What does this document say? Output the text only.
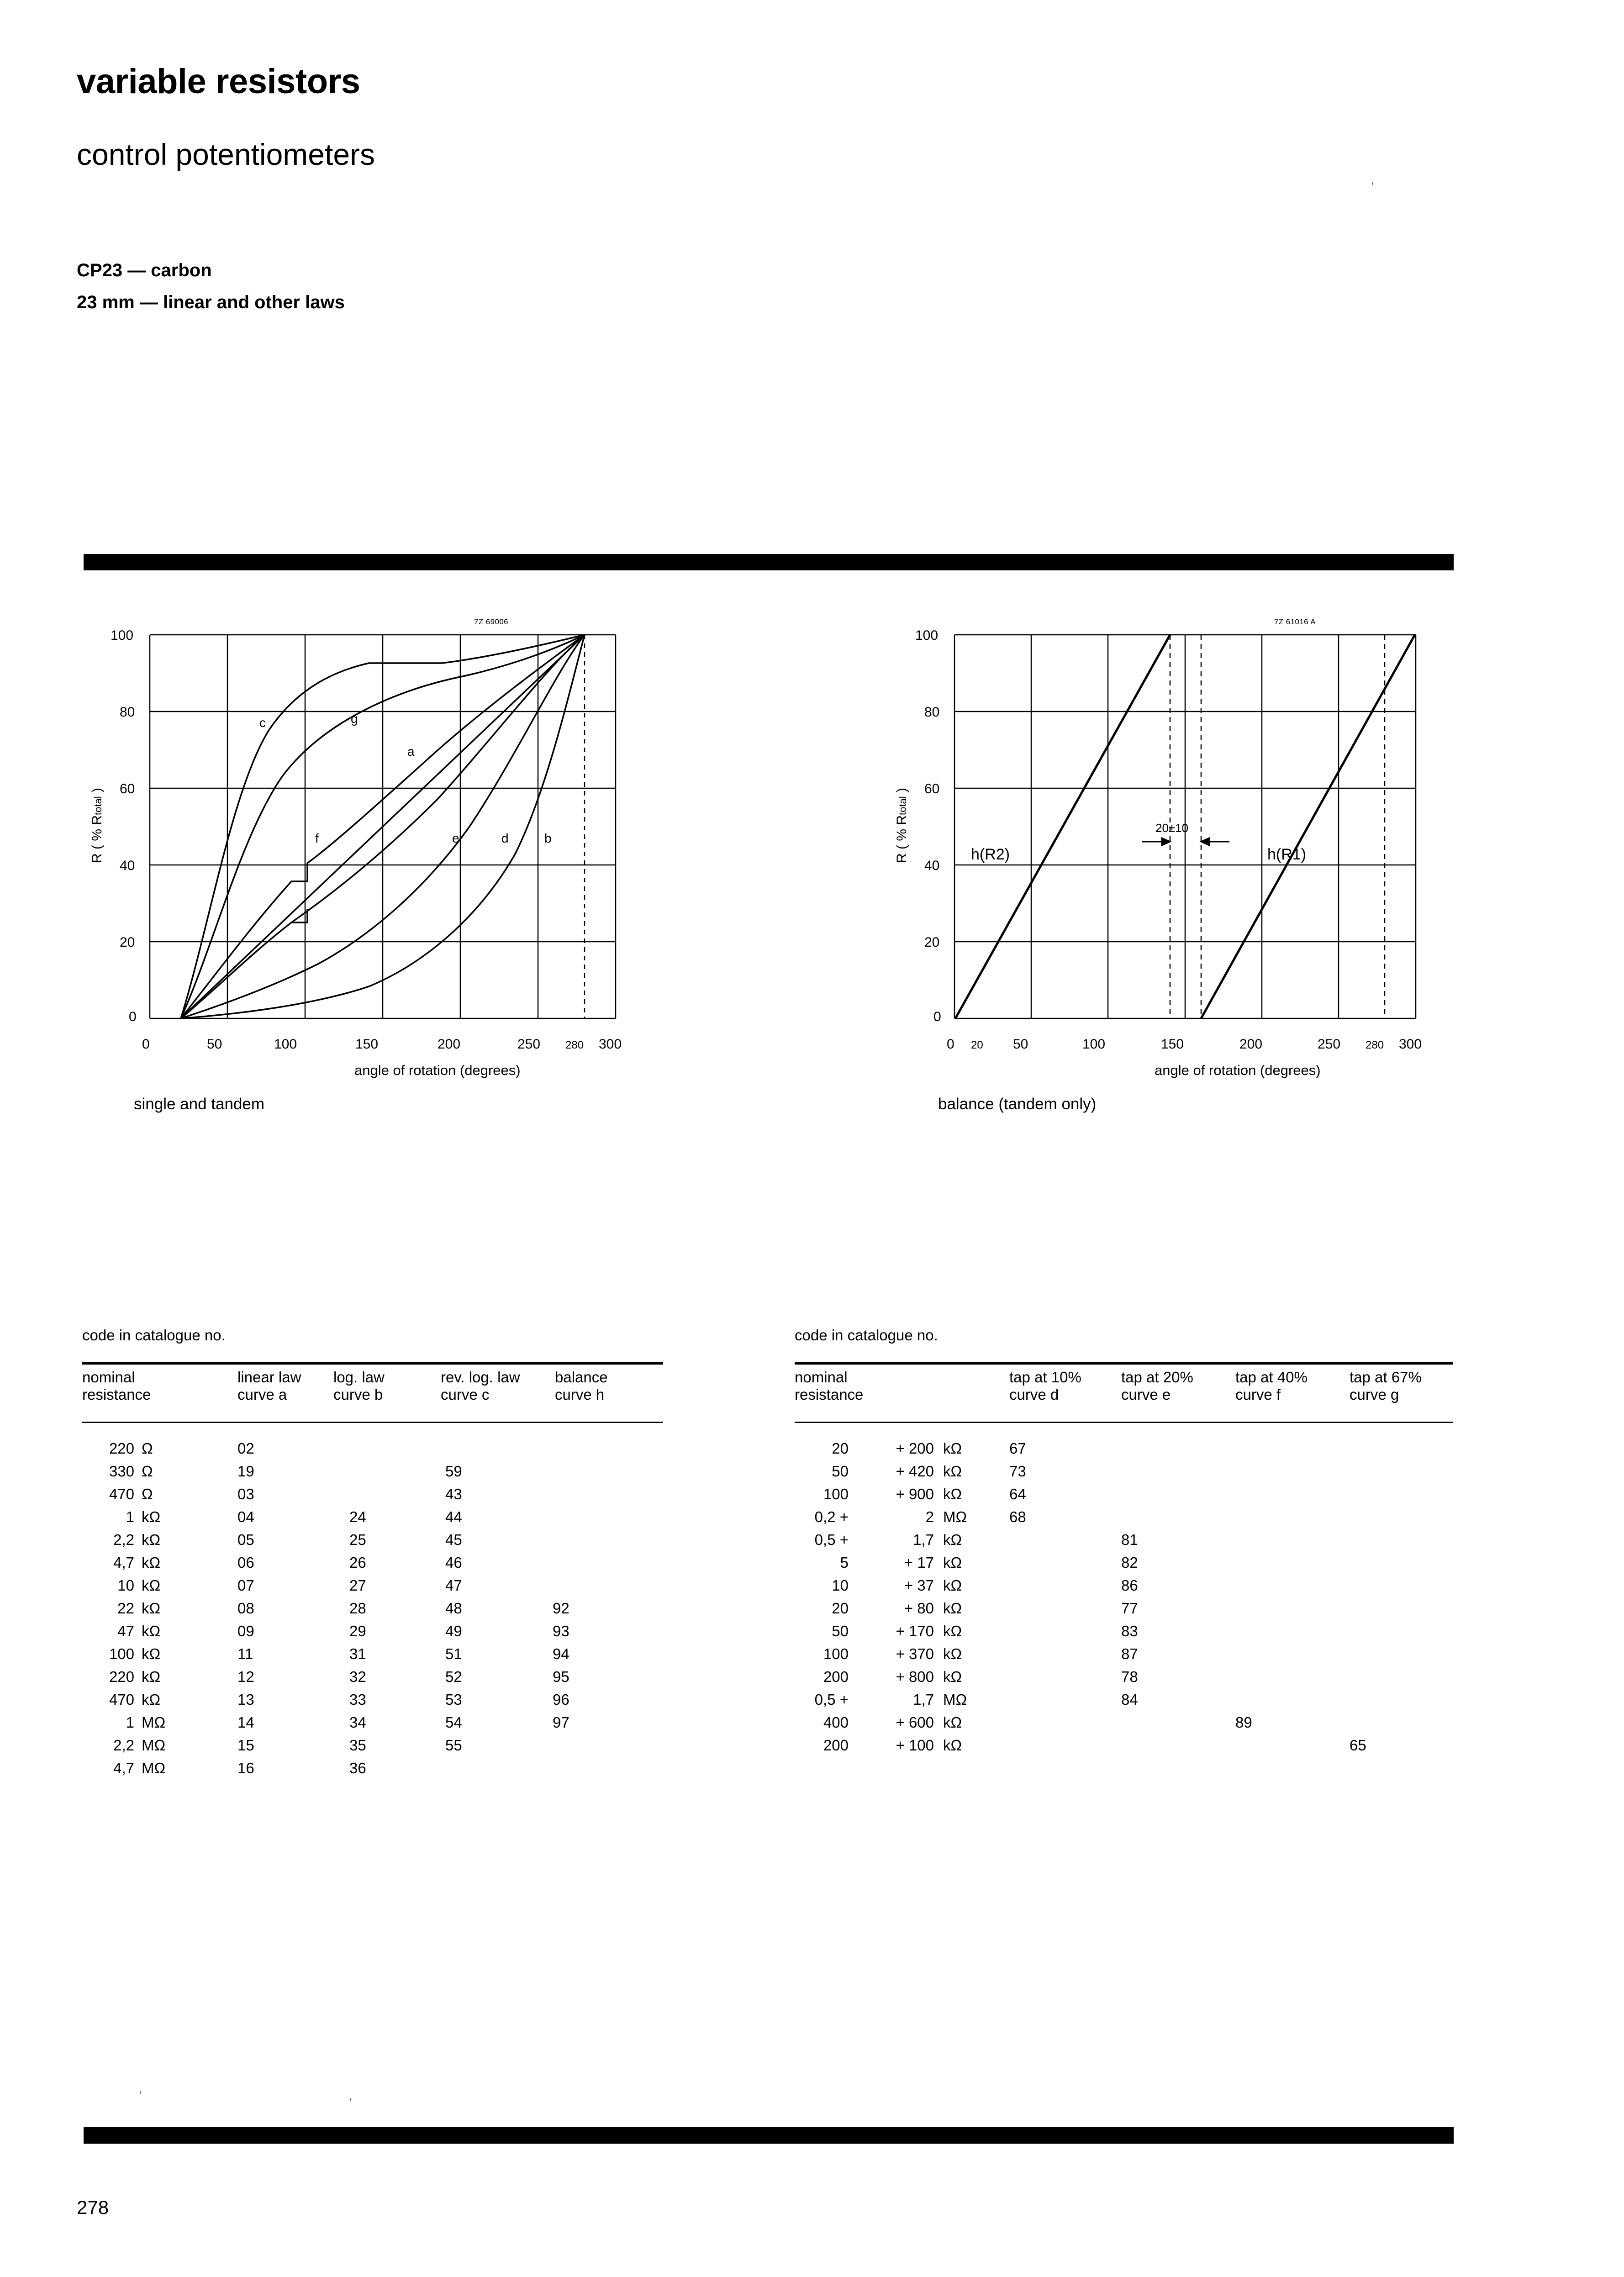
variable resistors
control potentiometers
CP23 — carbon
23 mm — linear and other laws
'
'
'
R ( % Rtotal )
100
80
60
40
20
0
0	50	100	150	200	250 280 300
angle of rotation (degrees)
7Z 69006
c	g
a
f	e	d	b
single and tandem
R ( % Rtotal )
100
80
60
40
20
0
0 20 50	100	150	200	250 280 300
angle of rotation (degrees)
7Z 61016 A
h(R2)	h(R1)
20±10
balance (tandem only)
code in catalogue no.
nominal	linear law	log. law	rev. log. law	balance
resistance	curve a	curve b	curve c	curve h
220	Ω	02			
330	Ω	19		59	
470	Ω	03		43	
1	kΩ	04	24	44	
2,2	kΩ	05	25	45	
4,7	kΩ	06	26	46	
10	kΩ	07	27	47	
22	kΩ	08	28	48	92
47	kΩ	09	29	49	93
100	kΩ	11	31	51	94
220	kΩ	12	32	52	95
470	kΩ	13	33	53	96
1	MΩ	14	34	54	97
2,2	MΩ	15	35	55	
4,7	MΩ	16	36		
code in catalogue no.
nominal	tap at 10%	tap at 20%	tap at 40%	tap at 67%
resistance	curve d	curve e	curve f	curve g
20	+ 200	kΩ	67			
50	+ 420	kΩ	73			
100	+ 900	kΩ	64			
0,2 +	2	MΩ	68			
0,5 +	1,7	kΩ		81		
5	+ 17	kΩ		82		
10	+ 37	kΩ		86		
20	+ 80	kΩ		77		
50	+ 170	kΩ		83		
100	+ 370	kΩ		87		
200	+ 800	kΩ		78		
0,5 +	1,7	MΩ		84		
400	+ 600	kΩ			89	
200	+ 100	kΩ				65
278
